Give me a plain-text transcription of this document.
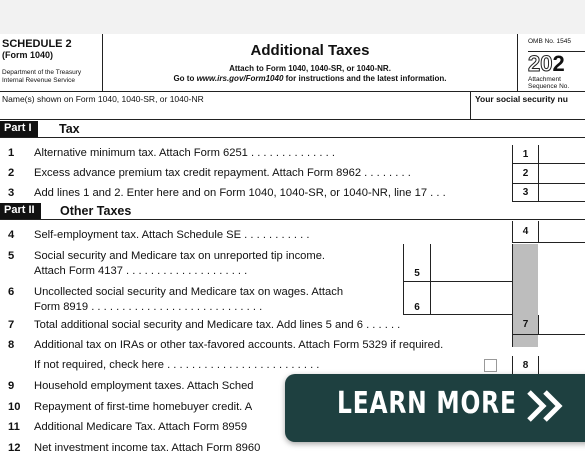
SCHEDULE 2
(Form 1040)
Department of the Treasury
Internal Revenue Service
Additional Taxes
Attach to Form 1040, 1040-SR, or 1040-NR.
Go to www.irs.gov/Form1040 for instructions and the latest information.
OMB No. 1545
202
Attachment
Sequence No.
Name(s) shown on Form 1040, 1040-SR, or 1040-NR	Your social security nu
Part I	Tax
1	Alternative minimum tax. Attach Form 6251 . . . . . . . . . . . . . .	1
2	Excess advance premium tax credit repayment. Attach Form 8962 . . . . . . . .	2
3	Add lines 1 and 2. Enter here and on Form 1040, 1040-SR, or 1040-NR, line 17 . . .	3
Part II	Other Taxes
4	Self-employment tax. Attach Schedule SE . . . . . . . . . . .	4
5	Social security and Medicare tax on unreported tip income.
Attach Form 4137 . . . . . . . . . . . . . . . . . . . .	5
6	Uncollected social security and Medicare tax on wages. Attach
Form 8919 . . . . . . . . . . . . . . . . . . . . . . . . . . . .	6
7	Total additional social security and Medicare tax. Add lines 5 and 6 . . . . . .	7
8	Additional tax on IRAs or other tax-favored accounts. Attach Form 5329 if required.
If not required, check here . . . . . . . . . . . . . . . . . . . . . . . . .	8
9	Household employment taxes. Attach Sched
10	Repayment of first-time homebuyer credit. A
11	Additional Medicare Tax. Attach Form 8959
12	Net investment income tax. Attach Form 8960
LEARN MORE
